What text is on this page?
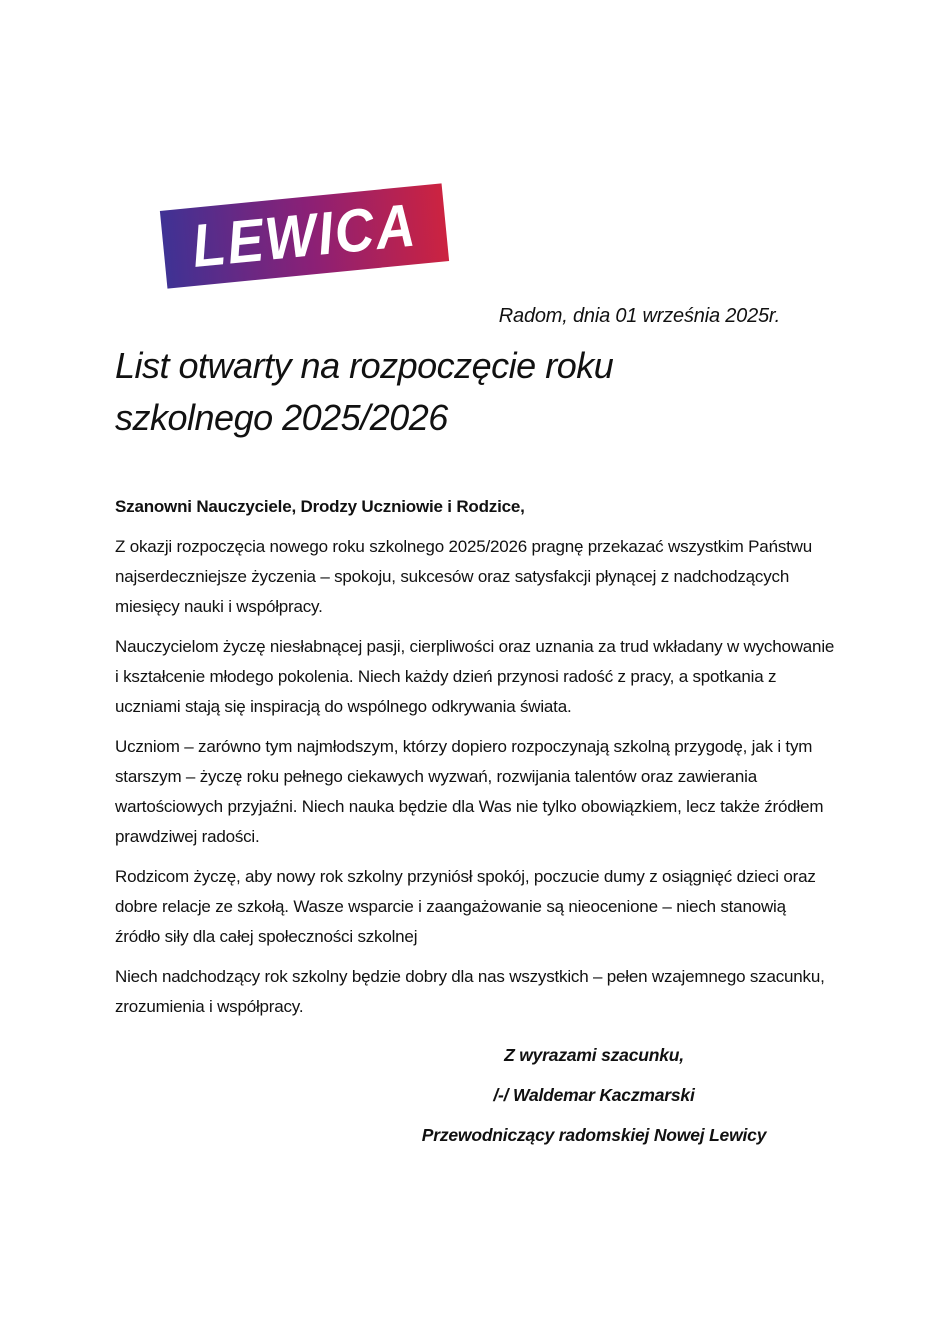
LEWICA
Radom, dnia 01 września 2025r.
List otwarty na rozpoczęcie roku
szkolnego 2025/2026

Szanowni Nauczyciele, Drodzy Uczniowie i Rodzice,

Z okazji rozpoczęcia nowego roku szkolnego 2025/2026 pragnę przekazać wszystkim Państwu najserdeczniejsze życzenia – spokoju, sukcesów oraz satysfakcji płynącej z nadchodzących miesięcy nauki i współpracy.

Nauczycielom życzę niesłabnącej pasji, cierpliwości oraz uznania za trud wkładany w wychowanie i kształcenie młodego pokolenia. Niech każdy dzień przynosi radość z pracy, a spotkania z uczniami stają się inspiracją do wspólnego odkrywania świata.

Uczniom – zarówno tym najmłodszym, którzy dopiero rozpoczynają szkolną przygodę, jak i tym starszym – życzę roku pełnego ciekawych wyzwań, rozwijania talentów oraz zawierania wartościowych przyjaźni. Niech nauka będzie dla Was nie tylko obowiązkiem, lecz także źródłem prawdziwej radości.

Rodzicom życzę, aby nowy rok szkolny przyniósł spokój, poczucie dumy z osiągnięć dzieci oraz dobre relacje ze szkołą. Wasze wsparcie i zaangażowanie są nieocenione – niech stanowią źródło siły dla całej społeczności szkolnej

Niech nadchodzący rok szkolny będzie dobry dla nas wszystkich – pełen wzajemnego szacunku, zrozumienia i współpracy.

Z wyrazami szacunku,
/-/ Waldemar Kaczmarski
Przewodniczący radomskiej Nowej Lewicy
